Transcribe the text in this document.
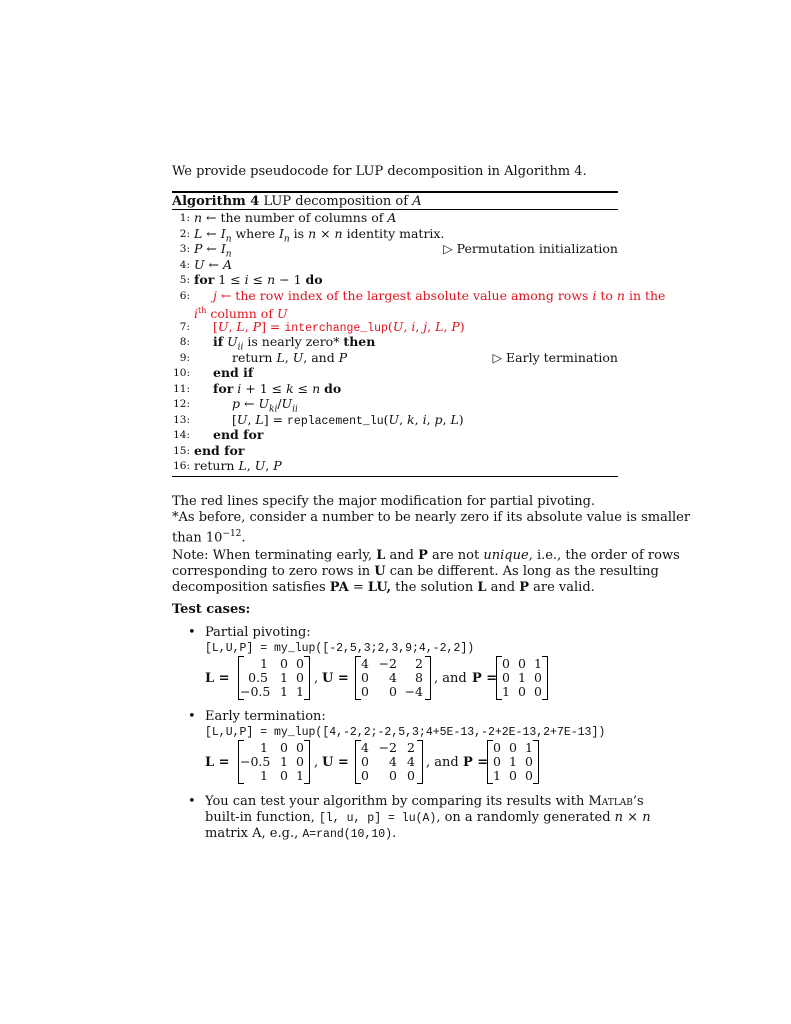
We provide pseudocode for LUP decomposition in Algorithm 4.
Algorithm 4 LUP decomposition of A
1: n ← the number of columns of A
2: L ← $I_n$ where $I_n$ is n × n identity matrix.
3: P ← $I_n$	▷ Permutation initialization
4: U ← A
5: for 1 ≤ i ≤ n − 1 do
6: j ← the row index of the largest absolute value among rows i to n in the
$i^{th}$ column of U
7: [U, L, P] = interchange_lup(U, i, j, L, P)
8: if $U_{ii}$ is nearly zero* then
9:	return L, U, and P	▷ Early termination
10: end if
11: for i + 1 ≤ k ≤ n do
12:	p ← $U_{ki}/U_{ii}$
13:	[U, L] = replacement_lu(U, k, i, p, L)
14: end for
15: end for
16: return L, U, P
The red lines specify the major modification for partial pivoting.
*As before, consider a number to be nearly zero if its absolute value is smaller
than $10^{-12}$.
Note: When terminating early, L and P are not unique, i.e., the order of rows
corresponding to zero rows in U can be different. As long as the resulting
decomposition satisfies PA = LU, the solution L and P are valid.
Test cases:
• Partial pivoting:
[L,U,P] = my_lup([-2,5,3;2,3,9;4,-2,2])
L =
1 0 0
0.5 1 0
−0.5 1 1
, U =
4 −2	2
0	4	8
0	0 −4
, and P =
0 0 1
0 1 0
1 0 0
• Early termination:
[L,U,P] = my_lup([4,-2,2;-2,5,3;4+5E-13,-2+2E-13,2+7E-13])
L =
1 0 0
−0.5 1 0
1 0 1
, U =
4 −2 2
0	4 4
0	0 0
, and P =
0 0 1
0 1 0
1 0 0
• You can test your algorithm by comparing its results with Matlab’s
built-in function, [l, u, p] = lu(A), on a randomly generated n × n
matrix A, e.g., A=rand(10,10).
